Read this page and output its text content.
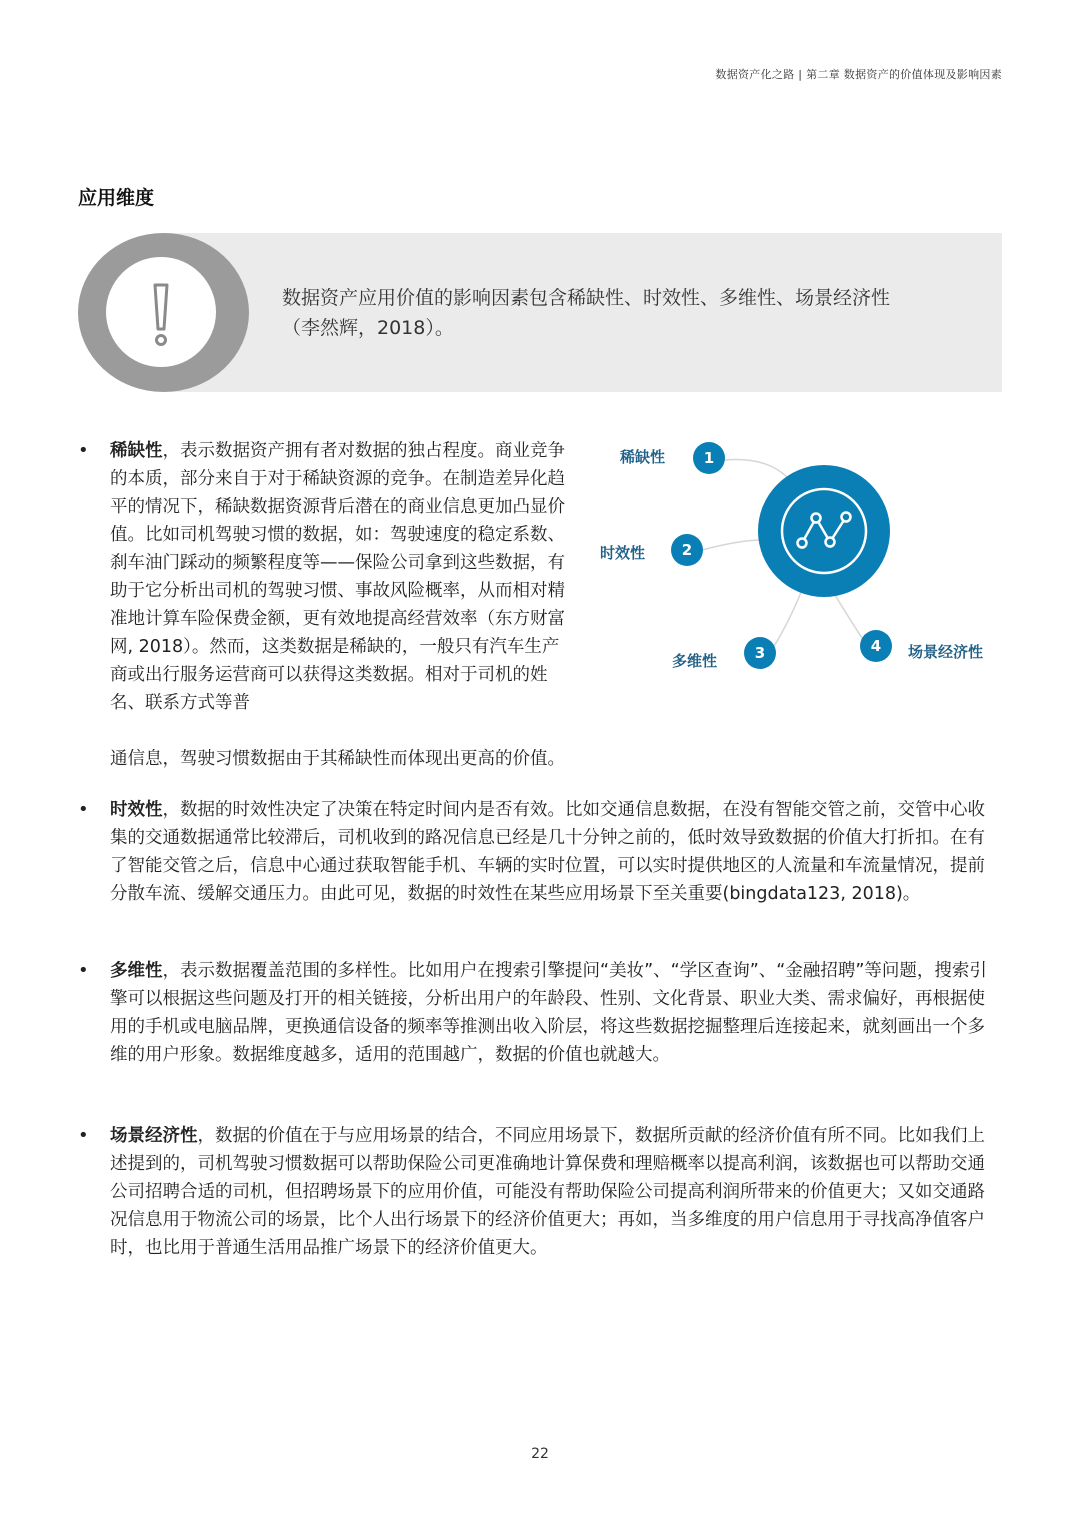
数据资产化之路 | 第二章 数据资产的价值体现及影响因素
应用维度
数据资产应用价值的影响因素包含稀缺性、时效性、多维性、场景经济性
（李然辉，2018）。
• 稀缺性，表示数据资产拥有者对数据的独占程度。商业竞争的本质，部分来自于对于稀缺资源的竞争。在制造差异化趋平的情况下，稀缺数据资源背后潜在的商业信息更加凸显价值。比如司机驾驶习惯的数据，如：驾驶速度的稳定系数、刹车油门踩动的频繁程度等——保险公司拿到这些数据，有助于它分析出司机的驾驶习惯、事故风险概率，从而相对精准地计算车险保费金额，更有效地提高经营效率（东方财富网, 2018）。然而，这类数据是稀缺的，一般只有汽车生产商或出行服务运营商可以获得这类数据。相对于司机的姓名、联系方式等普
通信息，驾驶习惯数据由于其稀缺性而体现出更高的价值。
1
2
3	4
稀缺性
时效性
多维性	场景经济性
• 时效性，数据的时效性决定了决策在特定时间内是否有效。比如交通信息数据，在没有智能交管之前，交管中心收集的交通数据通常比较滞后，司机收到的路况信息已经是几十分钟之前的，低时效导致数据的价值大打折扣。在有了智能交管之后，信息中心通过获取智能手机、车辆的实时位置，可以实时提供地区的人流量和车流量情况，提前分散车流、缓解交通压力。由此可见，数据的时效性在某些应用场景下至关重要(bingdata123, 2018)。
• 多维性，表示数据覆盖范围的多样性。比如用户在搜索引擎提问“美妆”、“学区查询”、“金融招聘”等问题，搜索引擎可以根据这些问题及打开的相关链接，分析出用户的年龄段、性别、文化背景、职业大类、需求偏好，再根据使用的手机或电脑品牌，更换通信设备的频率等推测出收入阶层，将这些数据挖掘整理后连接起来，就刻画出一个多维的用户形象。数据维度越多，适用的范围越广，数据的价值也就越大。
• 场景经济性，数据的价值在于与应用场景的结合，不同应用场景下，数据所贡献的经济价值有所不同。比如我们上述提到的，司机驾驶习惯数据可以帮助保险公司更准确地计算保费和理赔概率以提高利润，该数据也可以帮助交通公司招聘合适的司机，但招聘场景下的应用价值，可能没有帮助保险公司提高利润所带来的价值更大；又如交通路况信息用于物流公司的场景，比个人出行场景下的经济价值更大；再如，当多维度的用户信息用于寻找高净值客户时，也比用于普通生活用品推广场景下的经济价值更大。
22
